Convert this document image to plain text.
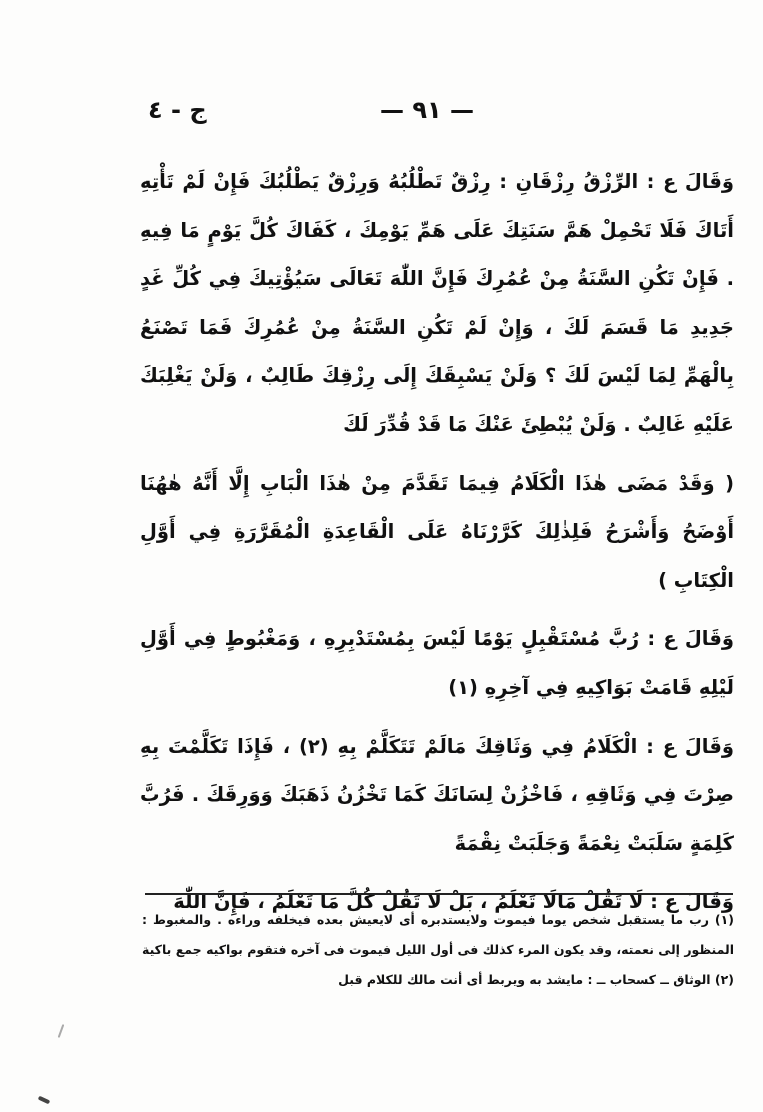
ج - ٤	— ٩١ —

وَقَالَ ع : الرِّزْقُ رِزْقَانِ : رِزْقٌ تَطْلُبُهُ وَرِزْقٌ يَطْلُبُكَ فَإِنْ لَمْ تَأْتِهِ أَتَاكَ فَلَا تَحْمِلْ هَمَّ سَنَتِكَ عَلَى هَمِّ يَوْمِكَ ، كَفَاكَ كُلَّ يَوْمٍ مَا فِيهِ . فَإِنْ تَكُنِ السَّنَةُ مِنْ عُمُرِكَ فَإِنَّ اللّٰهَ تَعَالَى سَيُؤْتِيكَ فِي كُلِّ غَدٍ جَدِيدِ مَا قَسَمَ لَكَ ، وَإِنْ لَمْ تَكُنِ السَّنَةُ مِنْ عُمُرِكَ فَمَا تَصْنَعُ بِالْهَمِّ لِمَا لَيْسَ لَكَ ؟ وَلَنْ يَسْبِقَكَ إِلَى رِزْقِكَ طَالِبٌ ، وَلَنْ يَغْلِبَكَ عَلَيْهِ غَالِبٌ . وَلَنْ يُبْطِئَ عَنْكَ مَا قَدْ قُدِّرَ لَكَ

( وَقَدْ مَضَى هٰذَا الْكَلَامُ فِيمَا تَقَدَّمَ مِنْ هٰذَا الْبَابِ إِلَّا أَنَّهُ هٰهُنَا أَوْضَحُ وَأَشْرَحُ فَلِذٰلِكَ كَرَّرْنَاهُ عَلَى الْقَاعِدَةِ الْمُقَرَّرَةِ فِي أَوَّلِ الْكِتَابِ )

وَقَالَ ع : رُبَّ مُسْتَقْبِلٍ يَوْمًا لَيْسَ بِمُسْتَدْبِرِهِ ، وَمَغْبُوطٍ فِي أَوَّلِ لَيْلِهِ قَامَتْ بَوَاكِيهِ فِي آخِرِهِ (١)

وَقَالَ ع : الْكَلَامُ فِي وَثَاقِكَ مَالَمْ تَتَكَلَّمْ بِهِ (٢) ، فَإِذَا تَكَلَّمْتَ بِهِ صِرْتَ فِي وَثَاقِهِ ، فَاخْزُنْ لِسَانَكَ كَمَا تَخْزُنُ ذَهَبَكَ وَوَرِقَكَ . فَرُبَّ كَلِمَةٍ سَلَبَتْ نِعْمَةً وَجَلَبَتْ نِقْمَةً

وَقَالَ ع : لَا تَقُلْ مَالَا تَعْلَمُ ، بَلْ لَا تَقُلْ كُلَّ مَا تَعْلَمُ ، فَإِنَّ اللّٰهَ

(١) رب ما يستقبل شخص يوما فيموت ولايستدبره أى لايعيش بعده فيخلفه وراءه . والمغبوط : المنظور إلى نعمته، وقد يكون المرء كذلك فى أول الليل فيموت فى آخره فتقوم بواكيه جمع باكية (٢) الوثاق ــ كسحاب ــ : مايشد به ويربط أى أنت مالك للكلام قبل
